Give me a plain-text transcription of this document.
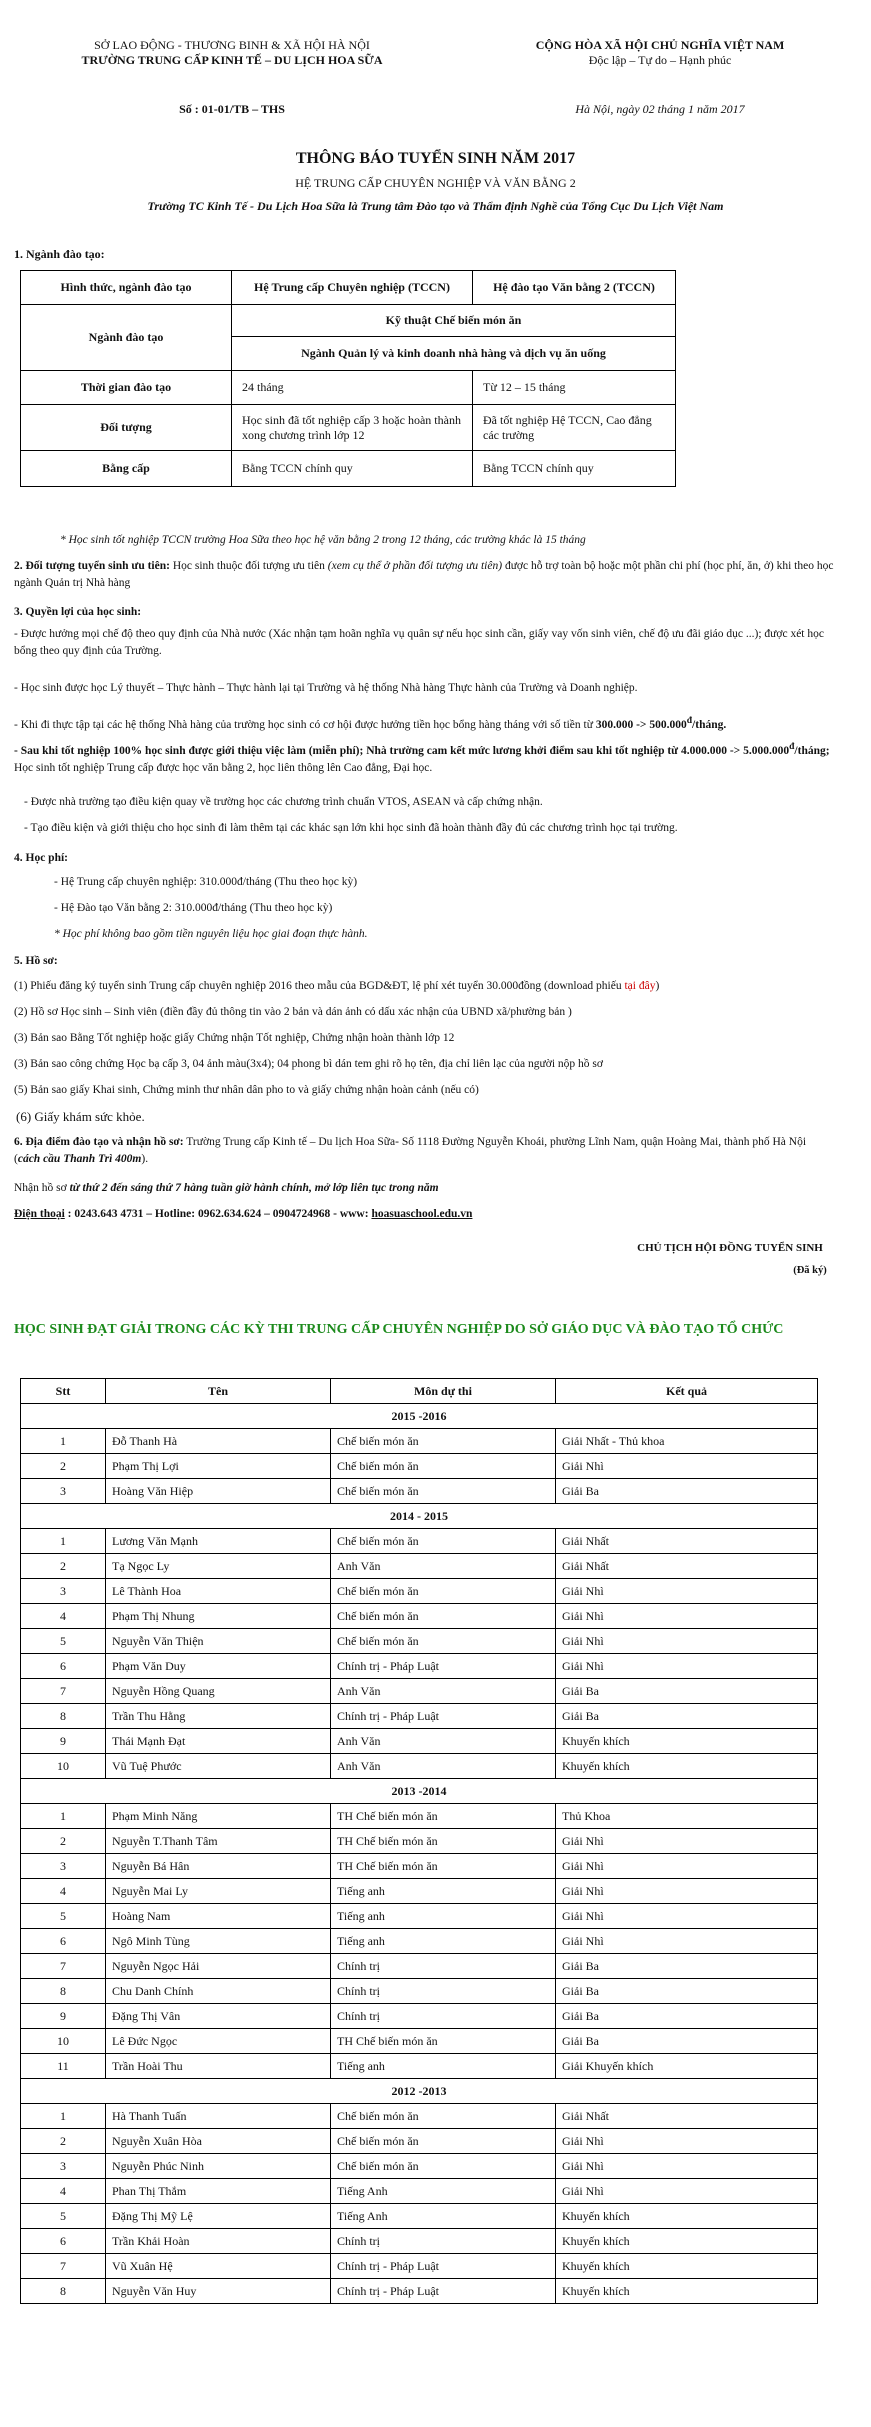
SỞ LAO ĐỘNG - THƯƠNG BINH & XÃ HỘI HÀ NỘI
TRƯỜNG TRUNG CẤP KINH TẾ – DU LỊCH HOA SỮA
Số : 01-01/TB – THS
CỘNG HÒA XÃ HỘI CHỦ NGHĨA VIỆT NAM
Độc lập – Tự do – Hạnh phúc
Hà Nội, ngày 02 tháng 1 năm 2017
THÔNG BÁO TUYỂN SINH NĂM 2017
HỆ TRUNG CẤP CHUYÊN NGHIỆP VÀ VĂN BẰNG 2
Trường TC Kinh Tế - Du Lịch Hoa Sữa là Trung tâm Đào tạo và Thẩm định Nghề của Tổng Cục Du Lịch Việt Nam
1. Ngành đào tạo:
Hình thức, ngành đào tạo	Hệ Trung cấp Chuyên nghiệp (TCCN)	Hệ đào tạo Văn bằng 2 (TCCN)
Ngành đào tạo	Kỹ thuật Chế biến món ăn	
	Ngành Quản lý và kinh doanh nhà hàng và dịch vụ ăn uống	
Thời gian đào tạo	24 tháng	Từ 12 – 15 tháng
Đối tượng	Học sinh đã tốt nghiệp cấp 3 hoặc hoàn thành xong chương trình lớp 12	Đã tốt nghiệp Hệ TCCN, Cao đẳng các trường
Bằng cấp	Bằng TCCN chính quy	Bằng TCCN chính quy
* Học sinh tốt nghiệp TCCN trường Hoa Sữa theo học hệ văn bằng 2 trong 12 tháng, các trường khác là 15 tháng
2. Đối tượng tuyển sinh ưu tiên: Học sinh thuộc đối tượng ưu tiên (xem cụ thể ở phần đối tượng ưu tiên) được hỗ trợ toàn bộ hoặc một phần chi phí (học phí, ăn, ở) khi theo học ngành Quản trị Nhà hàng
3. Quyền lợi của học sinh:
- Được hưởng mọi chế độ theo quy định của Nhà nước (Xác nhận tạm hoãn nghĩa vụ quân sự nếu học sinh cần, giấy vay vốn sinh viên, chế độ ưu đãi giáo dục ...); được xét học bổng theo quy định của Trường.
- Học sinh được học Lý thuyết – Thực hành – Thực hành lại tại Trường và hệ thống Nhà hàng Thực hành của Trường và Doanh nghiệp.
- Khi đi thực tập tại các hệ thống Nhà hàng của trường học sinh có cơ hội được hưởng tiền học bổng hàng tháng với số tiền từ $300.000 -> 500.000^đ$/tháng.
- Sau khi tốt nghiệp 100% học sinh được giới thiệu việc làm (miễn phí); Nhà trường cam kết mức lương khởi điểm sau khi tốt nghiệp từ $4.000.000 -> 5.000.000^đ$/tháng; Học sinh tốt nghiệp Trung cấp được học văn bằng 2, học liên thông lên Cao đẳng, Đại học.
- Được nhà trường tạo điều kiện quay về trường học các chương trình chuẩn VTOS, ASEAN và cấp chứng nhận.
- Tạo điều kiện và giới thiệu cho học sinh đi làm thêm tại các khác sạn lớn khi học sinh đã hoàn thành đầy đủ các chương trình học tại trường.
4. Học phí:
- Hệ Trung cấp chuyên nghiệp: 310.000đ/tháng (Thu theo học kỳ)
- Hệ Đào tạo Văn bằng 2: 310.000đ/tháng (Thu theo học kỳ)
* Học phí không bao gồm tiền nguyên liệu học giai đoạn thực hành.
5. Hồ sơ:
(1) Phiếu đăng ký tuyển sinh Trung cấp chuyên nghiệp 2016 theo mẫu của BGD&ĐT, lệ phí xét tuyển 30.000đồng (download phiếu tại đây)
(2) Hồ sơ Học sinh – Sinh viên (điền đầy đủ thông tin vào 2 bản và dán ảnh có dấu xác nhận của UBND xã/phường bản )
(3) Bản sao Bằng Tốt nghiệp hoặc giấy Chứng nhận Tốt nghiệp, Chứng nhận hoàn thành lớp 12
(3) Bản sao công chứng Học bạ cấp 3, 04 ảnh màu(3x4); 04 phong bì dán tem ghi rõ họ tên, địa chỉ liên lạc của người nộp hồ sơ
(5) Bản sao giấy Khai sinh, Chứng minh thư nhân dân pho to và giấy chứng nhận hoàn cảnh (nếu có)
(6) Giấy khám sức khỏe.
6. Địa điểm đào tạo và nhận hồ sơ: Trường Trung cấp Kinh tế – Du lịch Hoa Sữa- Số 1118 Đường Nguyễn Khoái, phường Lĩnh Nam, quận Hoàng Mai, thành phố Hà Nội (cách cầu Thanh Trì 400m).
Nhận hồ sơ từ thứ 2 đến sáng thứ 7 hàng tuần giờ hành chính, mở lớp liên tục trong năm
Điện thoại : 0243.643 4731 – Hotline: 0962.634.624 – 0904724968 - www: hoasuaschool.edu.vn
CHỦ TỊCH HỘI ĐỒNG TUYỂN SINH
(Đã ký)
HỌC SINH ĐẠT GIẢI TRONG CÁC KỲ THI TRUNG CẤP CHUYÊN NGHIỆP DO SỞ GIÁO DỤC VÀ ĐÀO TẠO TỔ CHỨC
Stt	Tên	Môn dự thi	Kết quả
2015 -2016			
1	Đỗ Thanh Hà	Chế biến món ăn	Giải Nhất - Thủ khoa
2	Phạm Thị Lợi	Chế biến món ăn	Giải Nhì
3	Hoàng Văn Hiệp	Chế biến món ăn	Giải Ba
2014 - 2015			
1	Lương Văn Mạnh	Chế biến món ăn	Giải Nhất
2	Tạ Ngọc Ly	Anh Văn	Giải Nhất
3	Lê Thành Hoa	Chế biến món ăn	Giải Nhì
4	Phạm Thị Nhung	Chế biến món ăn	Giải Nhì
5	Nguyễn Văn Thiện	Chế biến món ăn	Giải Nhì
6	Phạm Văn Duy	Chính trị - Pháp Luật	Giải Nhì
7	Nguyễn Hồng Quang	Anh Văn	Giải Ba
8	Trần Thu Hằng	Chính trị - Pháp Luật	Giải Ba
9	Thái Mạnh Đạt	Anh Văn	Khuyến khích
10	Vũ Tuệ Phước	Anh Văn	Khuyến khích
2013 -2014			
1	Phạm Minh Năng	TH Chế biến món ăn	Thủ Khoa
2	Nguyễn T.Thanh Tâm	TH Chế biến món ăn	Giải Nhì
3	Nguyễn Bá Hân	TH Chế biến món ăn	Giải Nhì
4	Nguyễn Mai Ly	Tiếng anh	Giải Nhì
5	Hoàng Nam	Tiếng anh	Giải Nhì
6	Ngô Minh Tùng	Tiếng anh	Giải Nhì
7	Nguyễn Ngọc Hải	Chính trị	Giải Ba
8	Chu Danh Chính	Chính trị	Giải Ba
9	Đặng Thị Vân	Chính trị	Giải Ba
10	Lê Đức Ngọc	TH Chế biến món ăn	Giải Ba
11	Trần Hoài Thu	Tiếng anh	Giải Khuyến khích
2012 -2013			
1	Hà Thanh Tuấn	Chế biến món ăn	Giải Nhất
2	Nguyễn Xuân Hòa	Chế biến món ăn	Giải Nhì
3	Nguyễn Phúc Ninh	Chế biến món ăn	Giải Nhì
4	Phan Thị Thắm	Tiếng Anh	Giải Nhì
5	Đặng Thị Mỹ Lệ	Tiếng Anh	Khuyến khích
6	Trần Khải Hoàn	Chính trị	Khuyến khích
7	Vũ Xuân Hệ	Chính trị - Pháp Luật	Khuyến khích
8	Nguyễn Văn Huy	Chính trị - Pháp Luật	Khuyến khích
